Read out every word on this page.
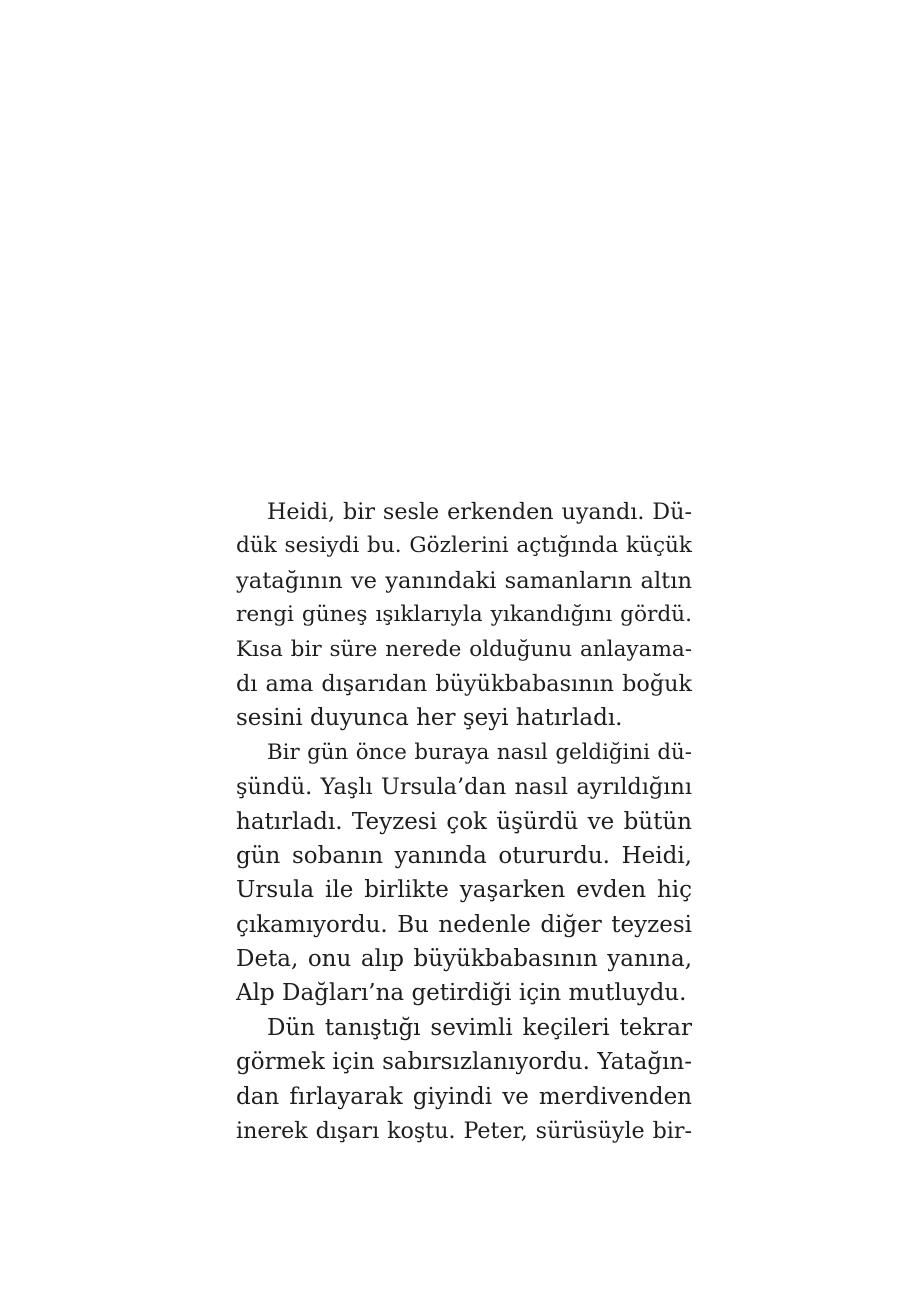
Heidi, bir sesle erkenden uyandı. Dü-
dük sesiydi bu. Gözlerini açtığında küçük
yatağının ve yanındaki samanların altın
rengi güneş ışıklarıyla yıkandığını gördü.
Kısa bir süre nerede olduğunu anlayama-
dı ama dışarıdan büyükbabasının boğuk
sesini duyunca her şeyi hatırladı.
Bir gün önce buraya nasıl geldiğini dü-
şündü. Yaşlı Ursula’dan nasıl ayrıldığını
hatırladı. Teyzesi çok üşürdü ve bütün
gün sobanın yanında otururdu. Heidi,
Ursula ile birlikte yaşarken evden hiç
çıkamıyordu. Bu nedenle diğer teyzesi
Deta, onu alıp büyükbabasının yanına,
Alp Dağları’na getirdiği için mutluydu.
Dün tanıştığı sevimli keçileri tekrar
görmek için sabırsızlanıyordu. Yatağın-
dan fırlayarak giyindi ve merdivenden
inerek dışarı koştu. Peter, sürüsüyle bir-
